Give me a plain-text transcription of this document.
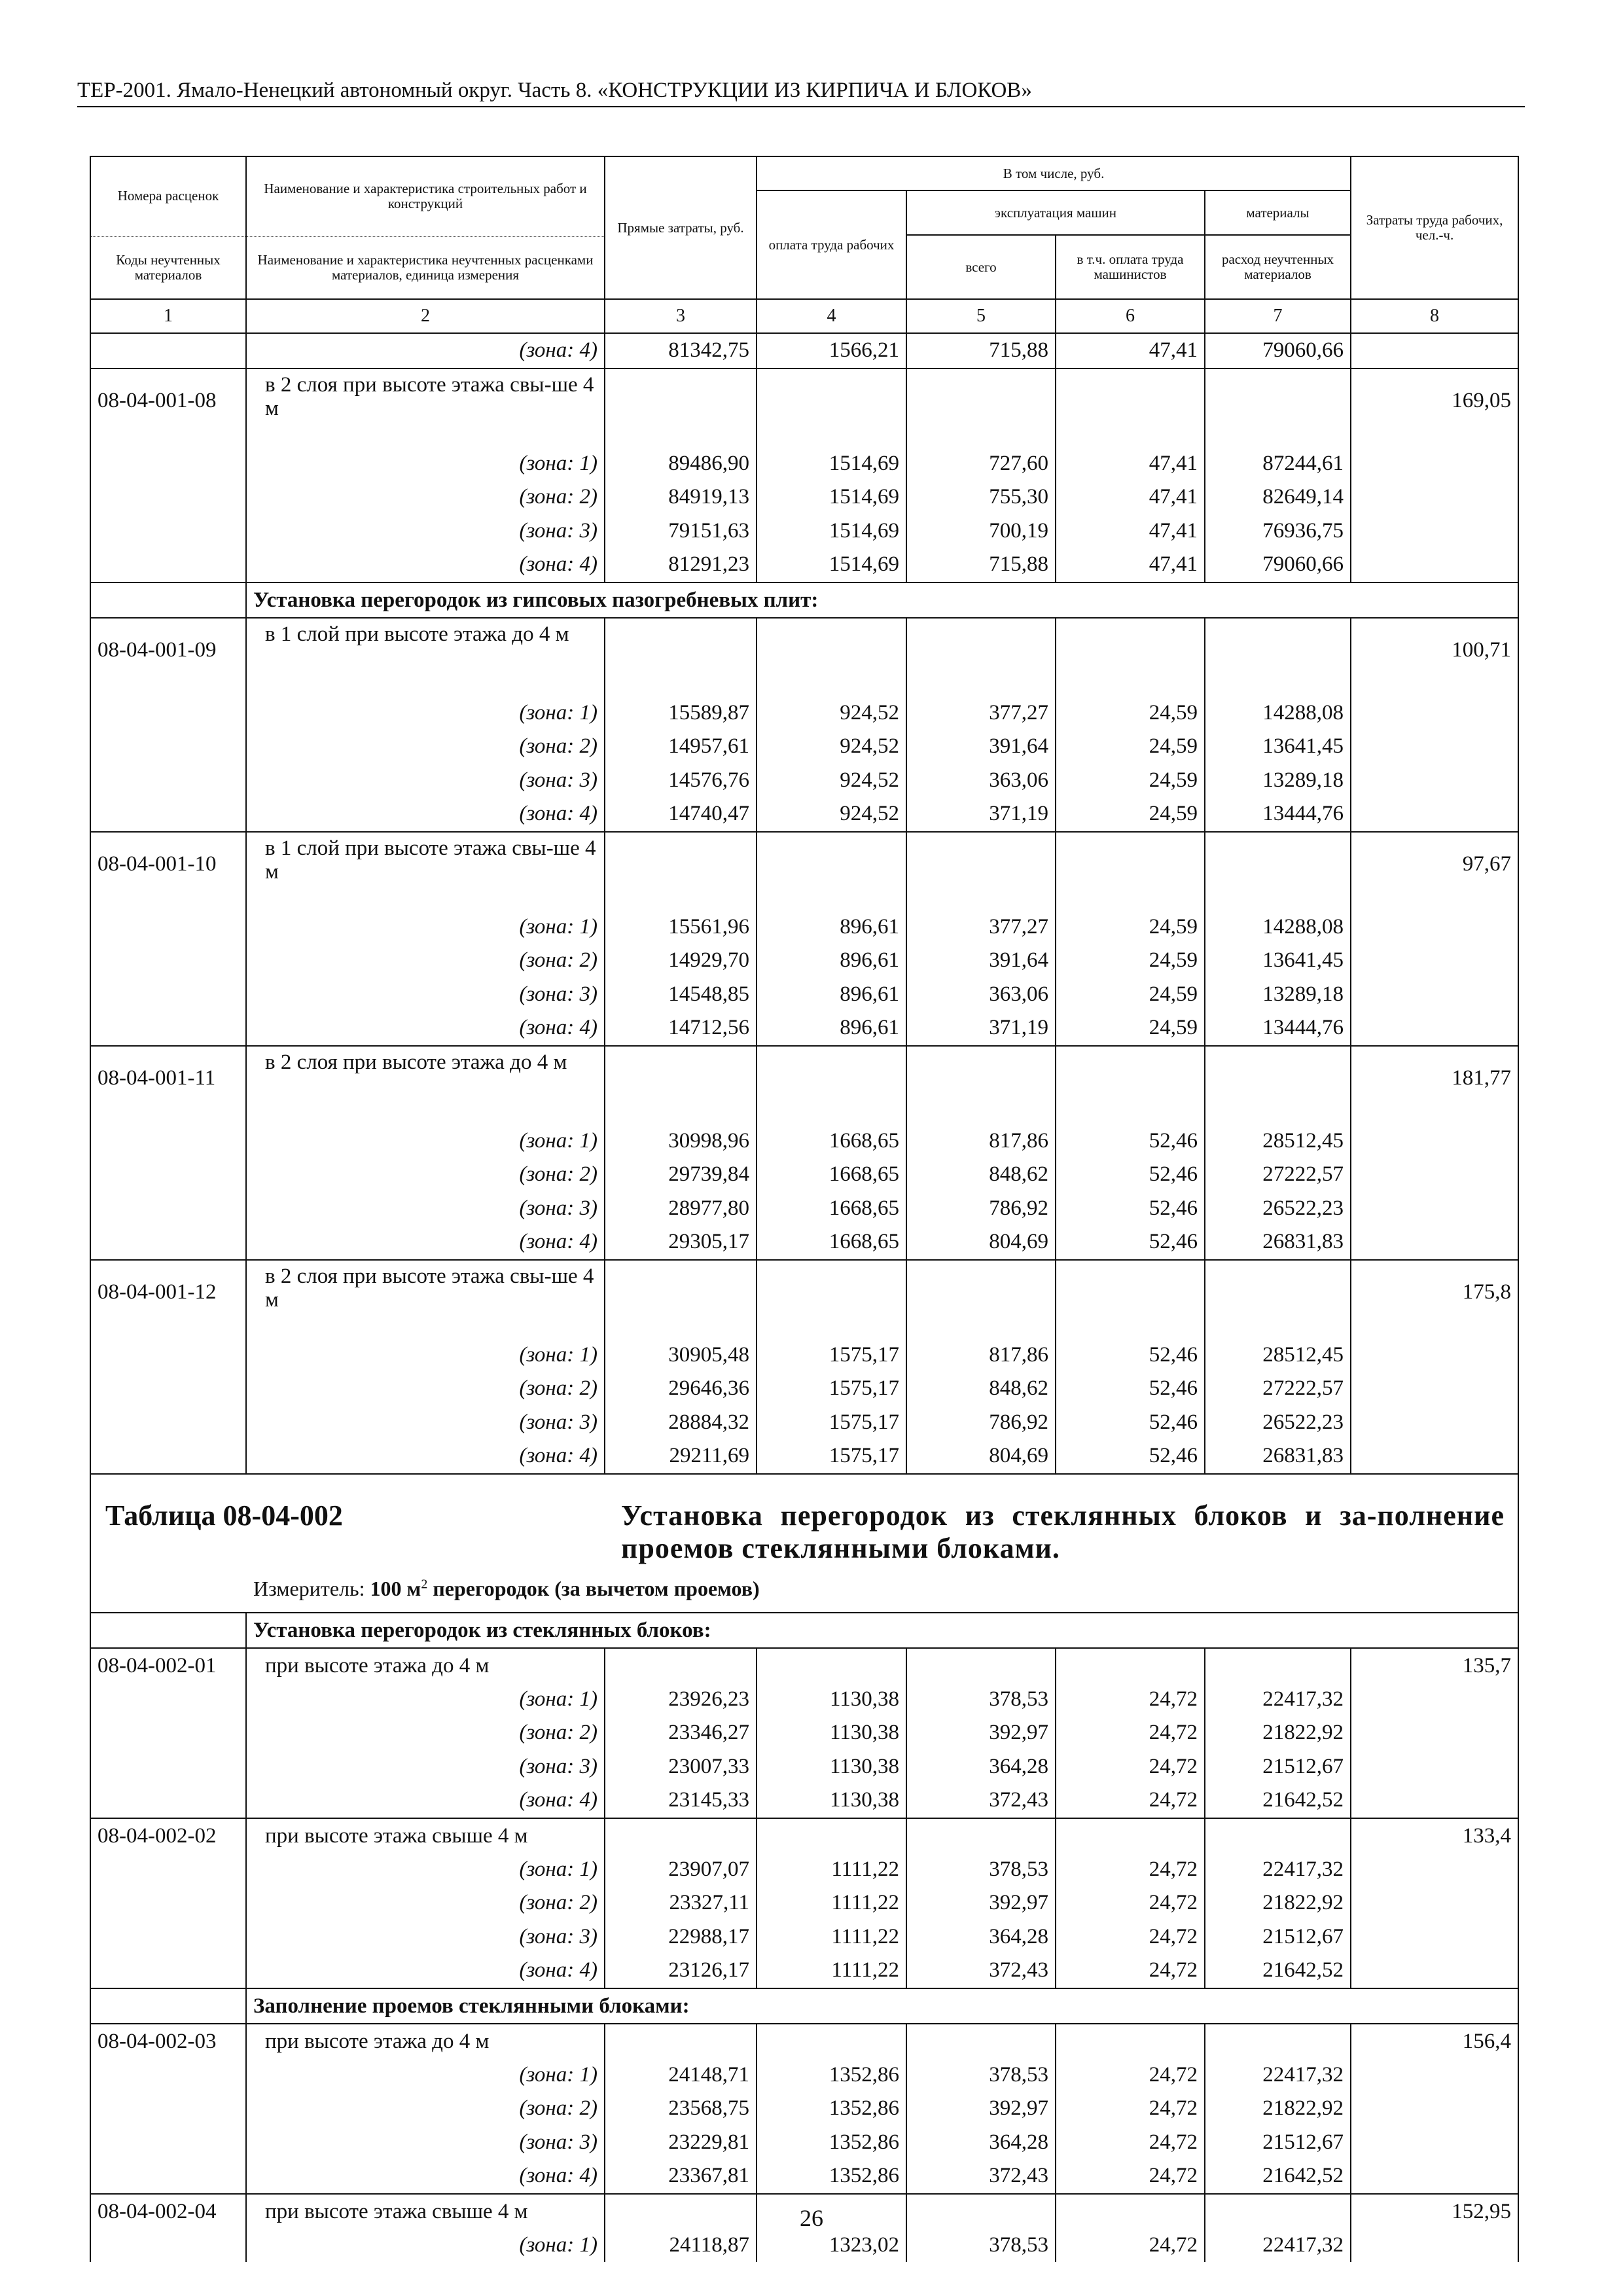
ТЕР-2001. Ямало-Ненецкий автономный округ. Часть 8. «КОНСТРУКЦИИ ИЗ КИРПИЧА И БЛОКОВ»
Номера расценок	Наименование и характеристика строительных работ и конструкций	Прямые затраты, руб.	В том числе, руб.				Затраты труда рабочих, чел.-ч.
			оплата труда рабочих	эксплуатация машин		материалы	

				всего	в т.ч. оплата труда машинистов	расход неучтенных материалов	
Коды неучтенных материалов	Наименование и характеристика неучтенных расценками материалов, единица измерения						
1	2	3	4	5	6	7	8
	(зона: 4)	81342,75	1566,21	715,88	47,41	79060,66	
08-04-001-08	в 2 слоя при высоте этажа свы-ше 4 м						169,05
	(зона: 1)	89486,90	1514,69	727,60	47,41	87244,61	
	(зона: 2)	84919,13	1514,69	755,30	47,41	82649,14	
	(зона: 3)	79151,63	1514,69	700,19	47,41	76936,75	
	(зона: 4)	81291,23	1514,69	715,88	47,41	79060,66	
	Установка перегородок из гипсовых пазогребневых плит:						
08-04-001-09	в 1 слой при высоте этажа до 4 м						100,71
	(зона: 1)	15589,87	924,52	377,27	24,59	14288,08	
	(зона: 2)	14957,61	924,52	391,64	24,59	13641,45	
	(зона: 3)	14576,76	924,52	363,06	24,59	13289,18	
	(зона: 4)	14740,47	924,52	371,19	24,59	13444,76	
08-04-001-10	в 1 слой при высоте этажа свы-ше 4 м						97,67
	(зона: 1)	15561,96	896,61	377,27	24,59	14288,08	
	(зона: 2)	14929,70	896,61	391,64	24,59	13641,45	
	(зона: 3)	14548,85	896,61	363,06	24,59	13289,18	
	(зона: 4)	14712,56	896,61	371,19	24,59	13444,76	
08-04-001-11	в 2 слоя при высоте этажа до 4 м						181,77
	(зона: 1)	30998,96	1668,65	817,86	52,46	28512,45	
	(зона: 2)	29739,84	1668,65	848,62	52,46	27222,57	
	(зона: 3)	28977,80	1668,65	786,92	52,46	26522,23	
	(зона: 4)	29305,17	1668,65	804,69	52,46	26831,83	
08-04-001-12	в 2 слоя при высоте этажа свы-ше 4 м						175,8
	(зона: 1)	30905,48	1575,17	817,86	52,46	28512,45	
	(зона: 2)	29646,36	1575,17	848,62	52,46	27222,57	
	(зона: 3)	28884,32	1575,17	786,92	52,46	26522,23	
	(зона: 4)	29211,69	1575,17	804,69	52,46	26831,83	

Таблица 08-04-002 Установка перегородок из стеклянных блоков и за-полнение проемов стеклянными блоками.
Измеритель: 100 $м^2$ перегородок (за вычетом проемов)							

	Установка перегородок из стеклянных блоков:						
08-04-002-01	при высоте этажа до 4 м						135,7
	(зона: 1)	23926,23	1130,38	378,53	24,72	22417,32	
	(зона: 2)	23346,27	1130,38	392,97	24,72	21822,92	
	(зона: 3)	23007,33	1130,38	364,28	24,72	21512,67	
	(зона: 4)	23145,33	1130,38	372,43	24,72	21642,52	
08-04-002-02	при высоте этажа свыше 4 м						133,4
	(зона: 1)	23907,07	1111,22	378,53	24,72	22417,32	
	(зона: 2)	23327,11	1111,22	392,97	24,72	21822,92	
	(зона: 3)	22988,17	1111,22	364,28	24,72	21512,67	
	(зона: 4)	23126,17	1111,22	372,43	24,72	21642,52	
	Заполнение проемов стеклянными блоками:						
08-04-002-03	при высоте этажа до 4 м						156,4
	(зона: 1)	24148,71	1352,86	378,53	24,72	22417,32	
	(зона: 2)	23568,75	1352,86	392,97	24,72	21822,92	
	(зона: 3)	23229,81	1352,86	364,28	24,72	21512,67	
	(зона: 4)	23367,81	1352,86	372,43	24,72	21642,52	
08-04-002-04	при высоте этажа свыше 4 м						152,95
	(зона: 1)	24118,87	1323,02	378,53	24,72	22417,32	
26
